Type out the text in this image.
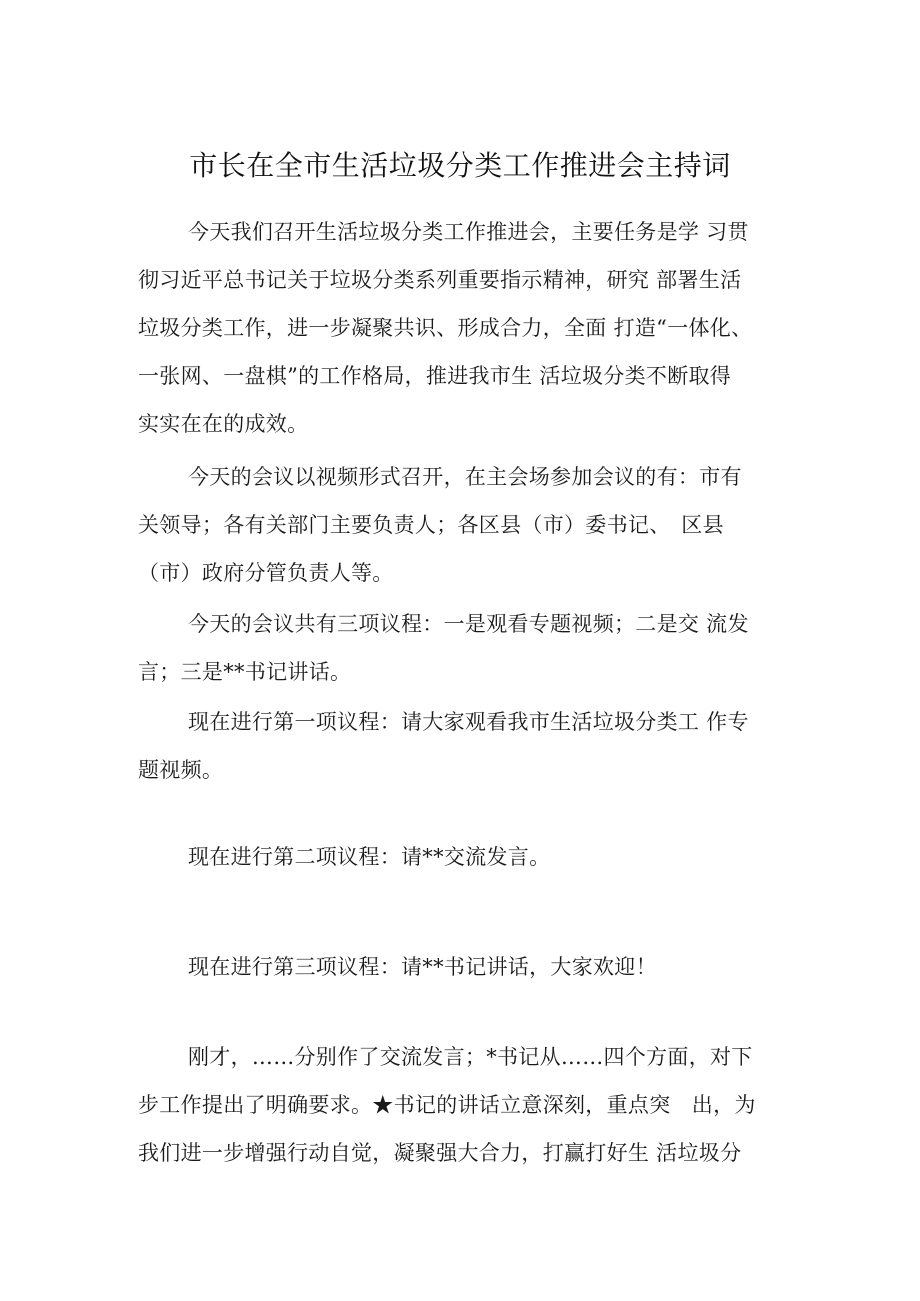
市长在全市生活垃圾分类工作推进会主持词
今天我们召开生活垃圾分类工作推进会，主要任务是学 习贯
彻习近平总书记关于垃圾分类系列重要指示精神，研究 部署生活
垃圾分类工作，进一步凝聚共识、形成合力，全面 打造“一体化、
一张网、一盘棋”的工作格局，推进我市生 活垃圾分类不断取得
实实在在的成效。
今天的会议以视频形式召开，在主会场参加会议的有：市有
关领导；各有关部门主要负责人；各区县（市）委书记、　区县
（市）政府分管负责人等。
今天的会议共有三项议程：一是观看专题视频；二是交 流发
言；三是**书记讲话。
现在进行第一项议程：请大家观看我市生活垃圾分类工 作专
题视频。
现在进行第二项议程：请**交流发言。
现在进行第三项议程：请**书记讲话，大家欢迎！
刚才，……分别作了交流发言；*书记从……四个方面，对下
步工作提出了明确要求。★书记的讲话立意深刻，重点突　出，为
我们进一步增强行动自觉，凝聚强大合力，打赢打好生 活垃圾分
